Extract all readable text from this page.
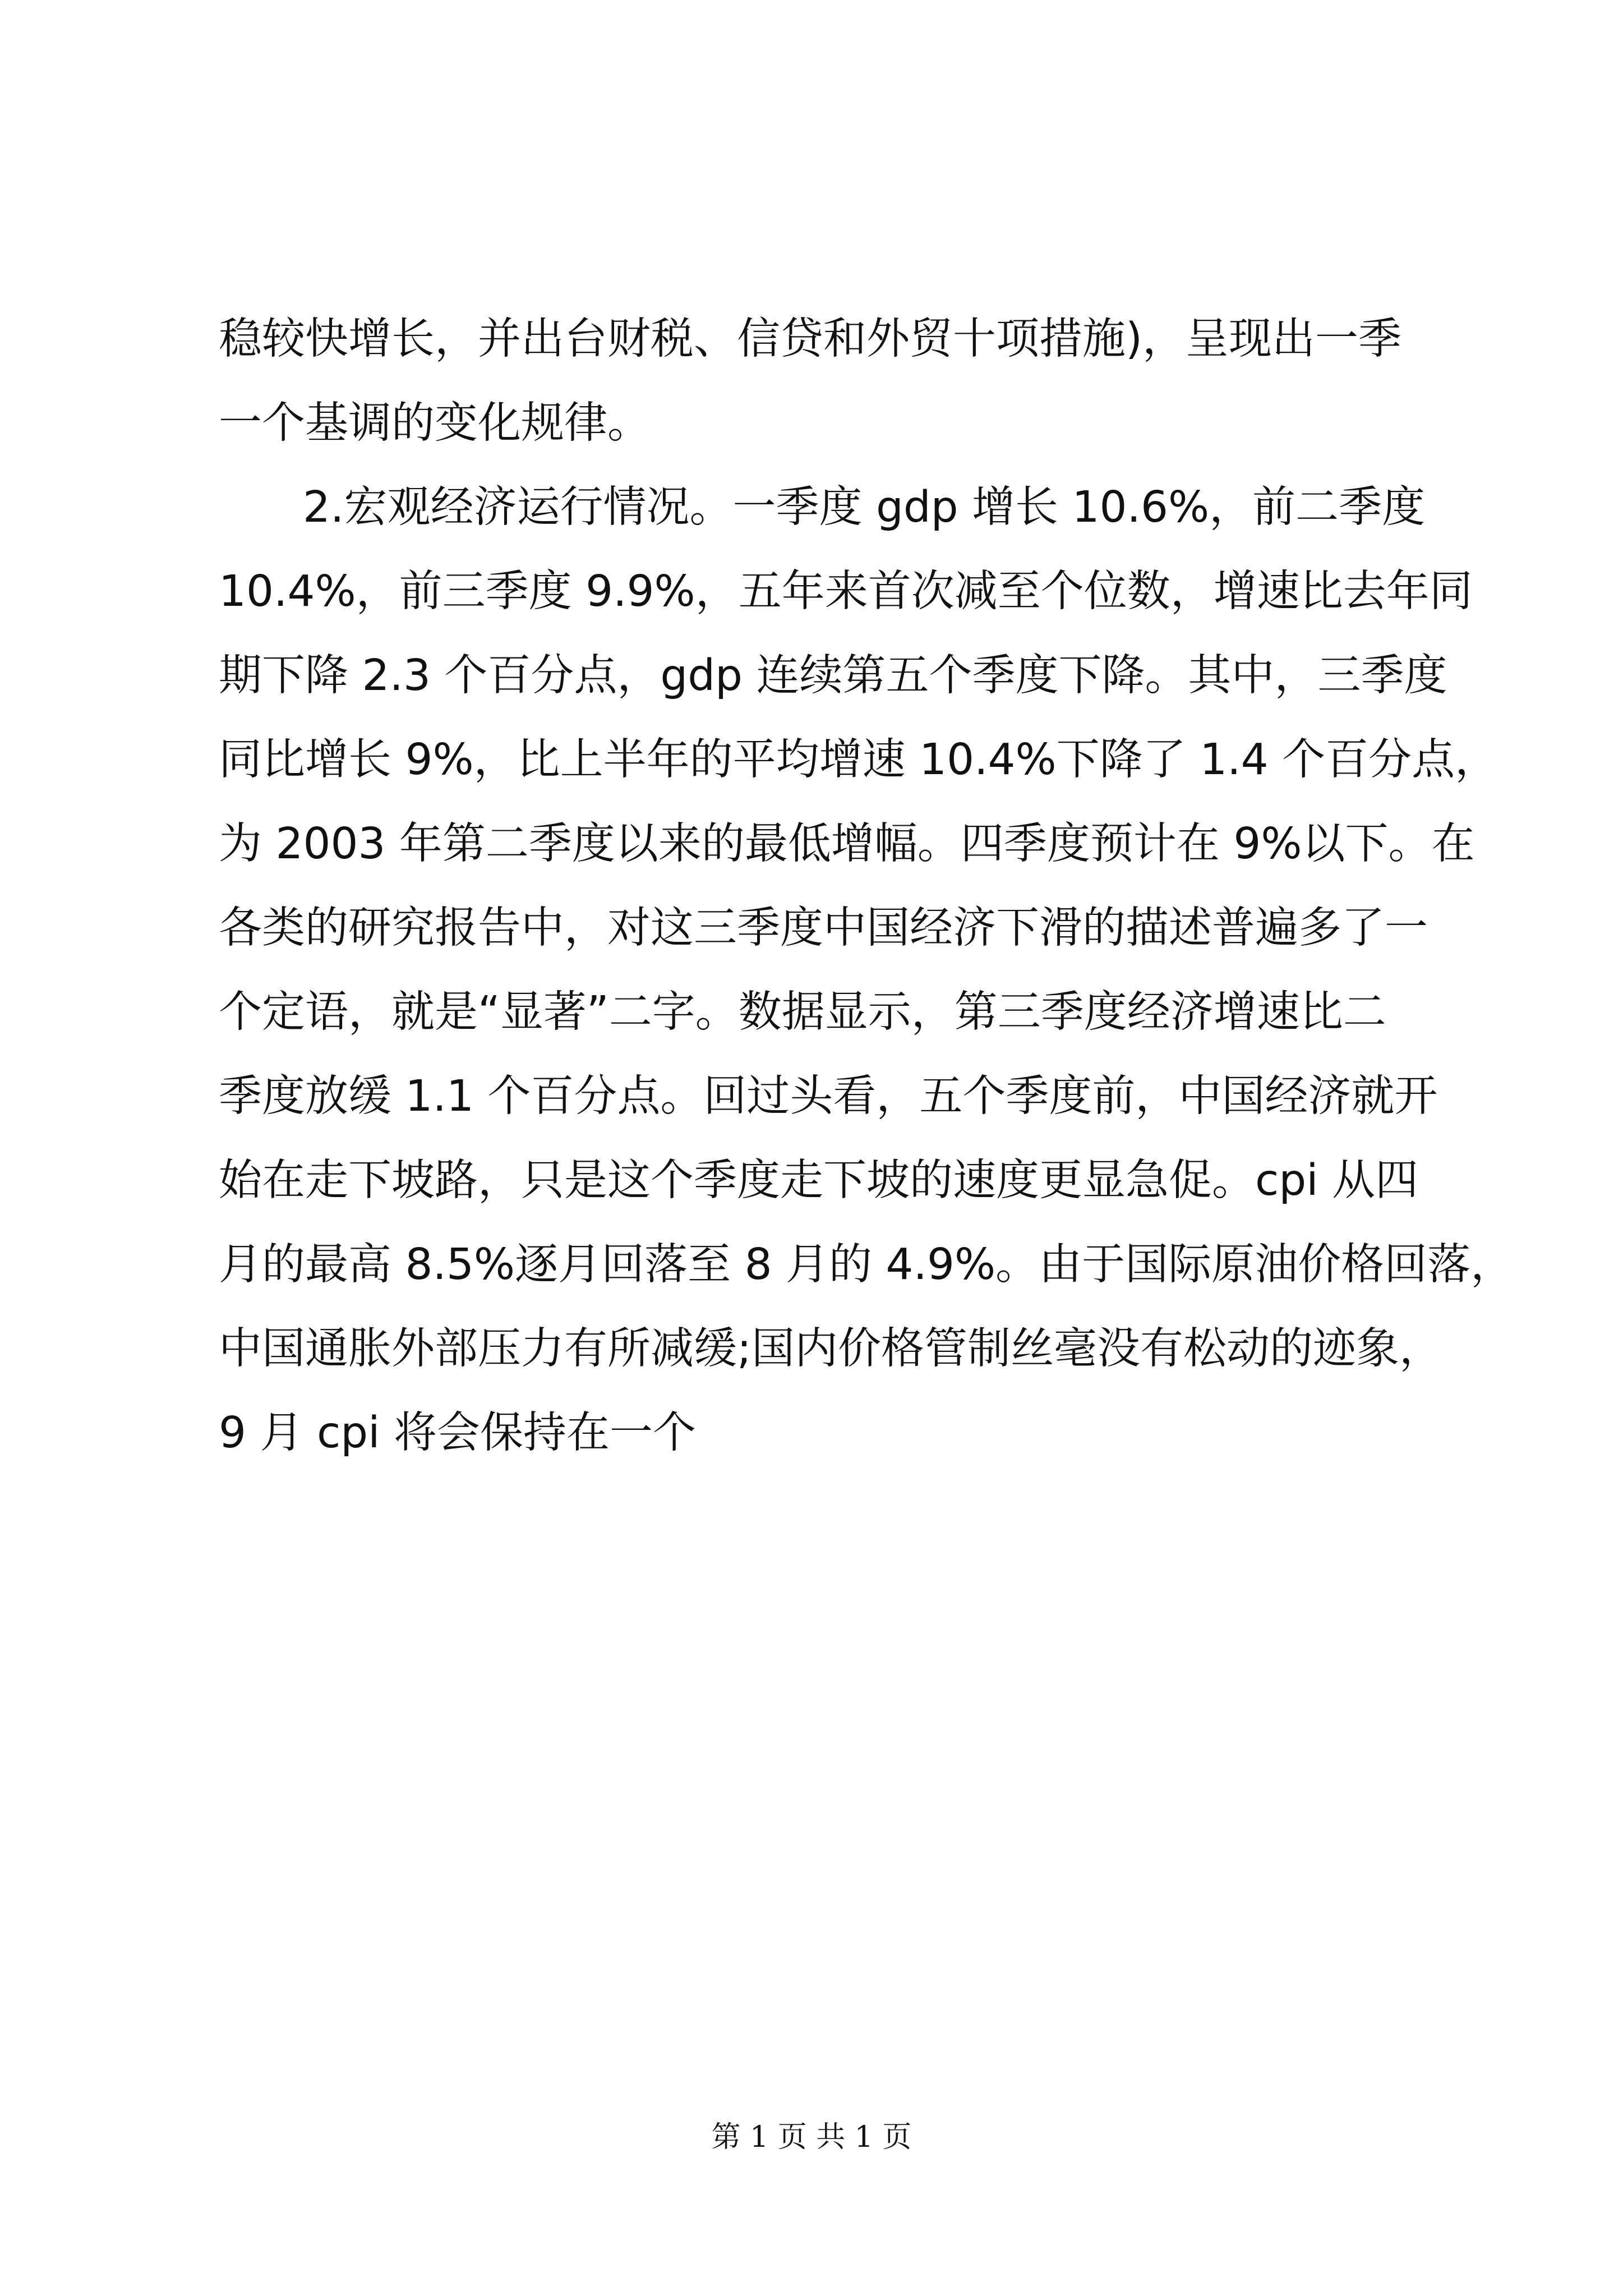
稳较快增长，并出台财税、信贷和外贸十项措施)，呈现出一季
一个基调的变化规律。
2.宏观经济运行情况。一季度 gdp 增长 10.6%，前二季度
10.4%，前三季度 9.9%，五年来首次减至个位数，增速比去年同
期下降 2.3 个百分点，gdp 连续第五个季度下降。其中，三季度
同比增长 9%，比上半年的平均增速 10.4%下降了 1.4 个百分点，
为 2003 年第二季度以来的最低增幅。四季度预计在 9%以下。在
各类的研究报告中，对这三季度中国经济下滑的描述普遍多了一
个定语，就是“显著”二字。数据显示，第三季度经济增速比二
季度放缓 1.1 个百分点。回过头看，五个季度前，中国经济就开
始在走下坡路，只是这个季度走下坡的速度更显急促。cpi 从四
月的最高 8.5%逐月回落至 8 月的 4.9%。由于国际原油价格回落，
中国通胀外部压力有所减缓;国内价格管制丝毫没有松动的迹象，
9 月 cpi 将会保持在一个
第 1 页 共 1 页
